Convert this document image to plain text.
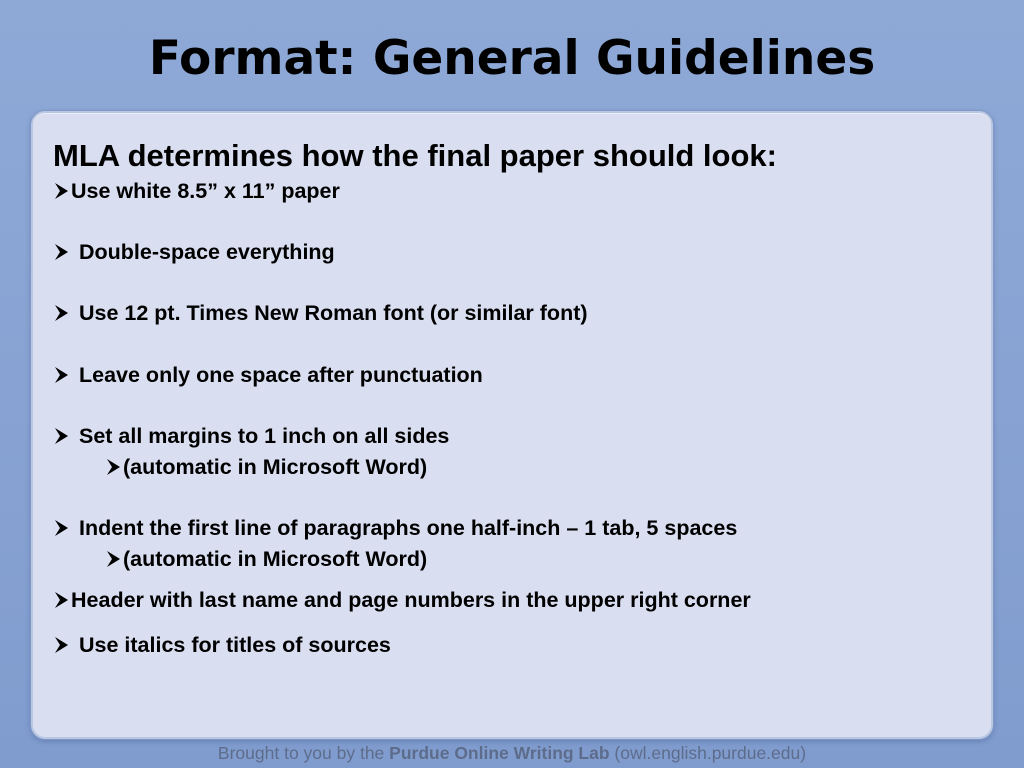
Format: General Guidelines
MLA determines how the final paper should look:
Use white 8.5” x 11” paper
Double-space everything
Use 12 pt. Times New Roman font (or similar font)
Leave only one space after punctuation
Set all margins to 1 inch on all sides
(automatic in Microsoft Word)
Indent the first line of paragraphs one half-inch – 1 tab, 5 spaces
(automatic in Microsoft Word)
Header with last name and page numbers in the upper right corner
Use italics for titles of sources
Brought to you by the Purdue Online Writing Lab (owl.english.purdue.edu)
